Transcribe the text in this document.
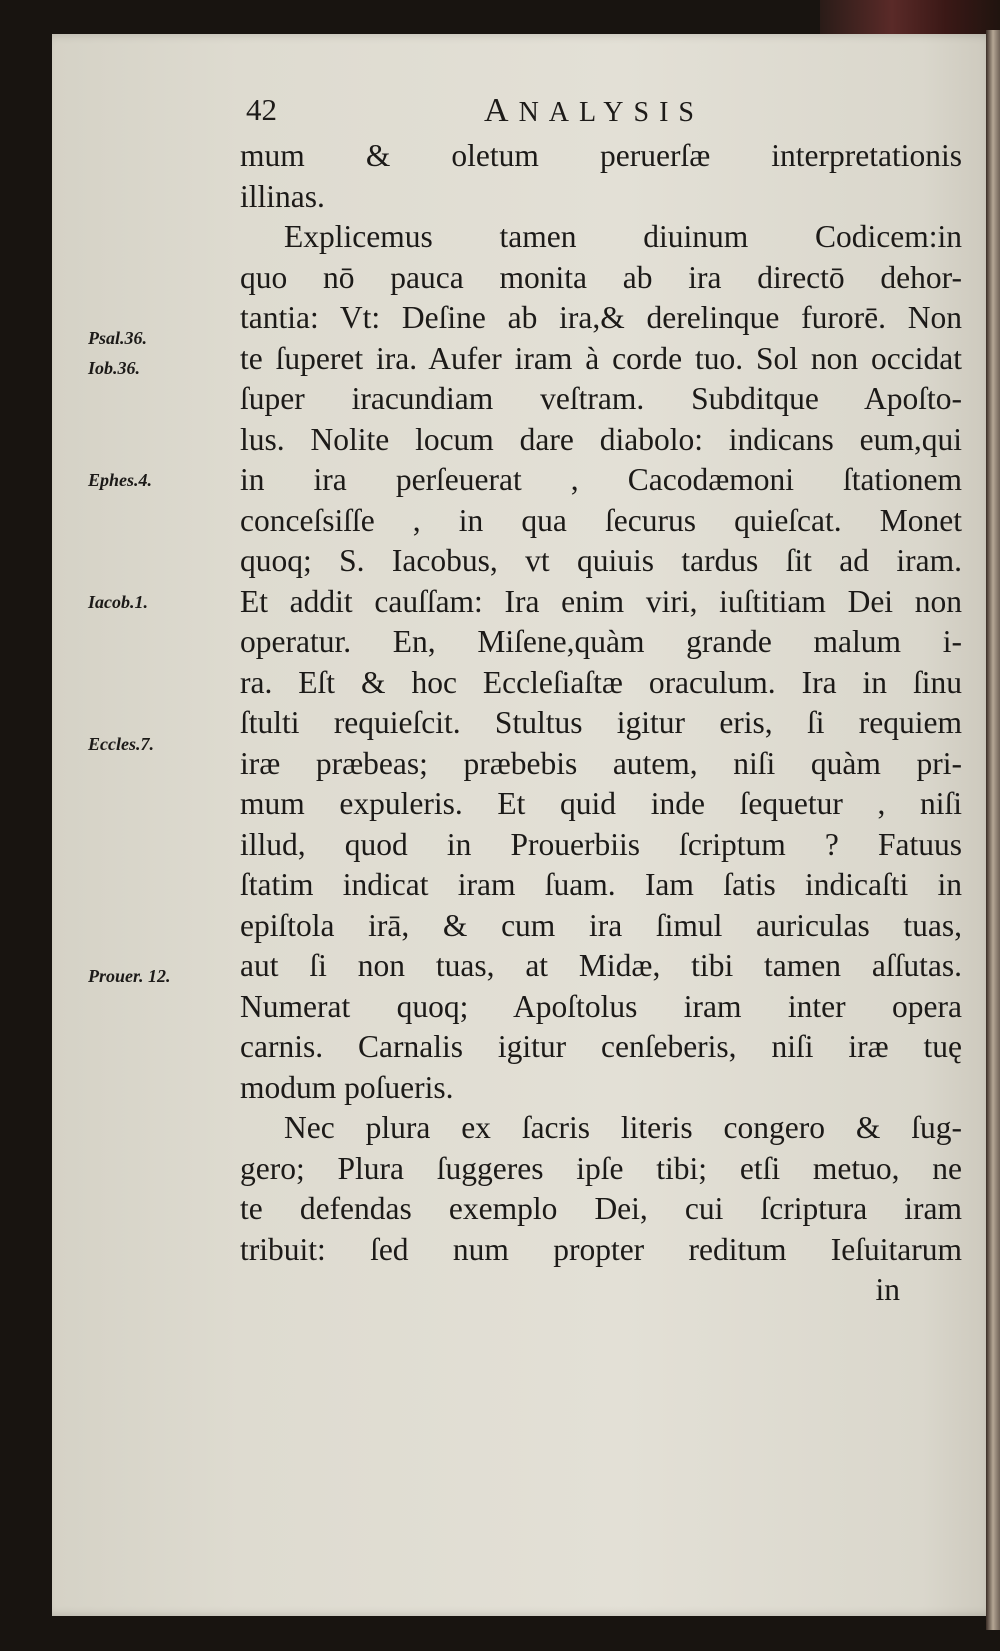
42	ANALYSIS
Psal.36.
Iob.36.
Ephes.4.
Iacob.1.
Eccles.7.
Prouer. 12.
mum & oletum peruerſæ interpretationis
illinas.
Explicemus tamen diuinum Codicem:in
quo nō pauca monita ab ira directō dehor-
tantia: Vt: Deſine ab ira,& derelinque furorē. Non
te ſuperet ira. Aufer iram à corde tuo. Sol non occidat
ſuper iracundiam veſtram. Subditque Apoſto-
lus. Nolite locum dare diabolo: indicans eum,qui
in ira perſeuerat , Cacodæmoni ſtationem
conceſsiſſe , in qua ſecurus quieſcat. Monet
quoq; S. Iacobus, vt quiuis tardus ſit ad iram.
Et addit cauſſam: Ira enim viri, iuſtitiam Dei non
operatur. En, Miſene,quàm grande malum i-
ra. Eſt & hoc Eccleſiaſtæ oraculum. Ira in ſinu
ſtulti requieſcit. Stultus igitur eris, ſi requiem
iræ præbeas; præbebis autem, niſi quàm pri-
mum expuleris. Et quid inde ſequetur , niſi
illud, quod in Prouerbiis ſcriptum ? Fatuus
ſtatim indicat iram ſuam. Iam ſatis indicaſti in
epiſtola irā, & cum ira ſimul auriculas tuas,
aut ſi non tuas, at Midæ, tibi tamen aſſutas.
Numerat quoq; Apoſtolus iram inter opera
carnis. Carnalis igitur cenſeberis, niſi iræ tuę
modum poſueris.
Nec plura ex ſacris literis congero & ſug-
gero; Plura ſuggeres ipſe tibi; etſi metuo, ne
te defendas exemplo Dei, cui ſcriptura iram
tribuit: ſed num propter reditum Ieſuitarum
in
